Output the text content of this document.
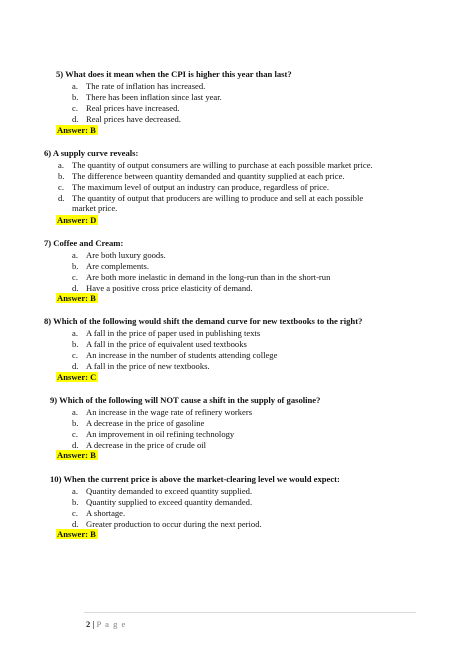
5) What does it mean when the CPI is higher this year than last?
a. The rate of inflation has increased.
b. There has been inflation since last year.
c. Real prices have increased.
d. Real prices have decreased.
Answer: B
6) A supply curve reveals:
a. The quantity of output consumers are willing to purchase at each possible market price.
b. The difference between quantity demanded and quantity supplied at each price.
c. The maximum level of output an industry can produce, regardless of price.
d. The quantity of output that producers are willing to produce and sell at each possible market price.
Answer: D
7) Coffee and Cream:
a. Are both luxury goods.
b. Are complements.
c. Are both more inelastic in demand in the long-run than in the short-run
d. Have a positive cross price elasticity of demand.
Answer: B
8) Which of the following would shift the demand curve for new textbooks to the right?
a. A fall in the price of paper used in publishing texts
b. A fall in the price of equivalent used textbooks
c. An increase in the number of students attending college
d. A fall in the price of new textbooks.
Answer: C
9) Which of the following will NOT cause a shift in the supply of gasoline?
a. An increase in the wage rate of refinery workers
b. A decrease in the price of gasoline
c. An improvement in oil refining technology
d. A decrease in the price of crude oil
Answer: B
10) When the current price is above the market-clearing level we would expect:
a. Quantity demanded to exceed quantity supplied.
b. Quantity supplied to exceed quantity demanded.
c. A shortage.
d. Greater production to occur during the next period.
Answer: B
2 | P a g e
